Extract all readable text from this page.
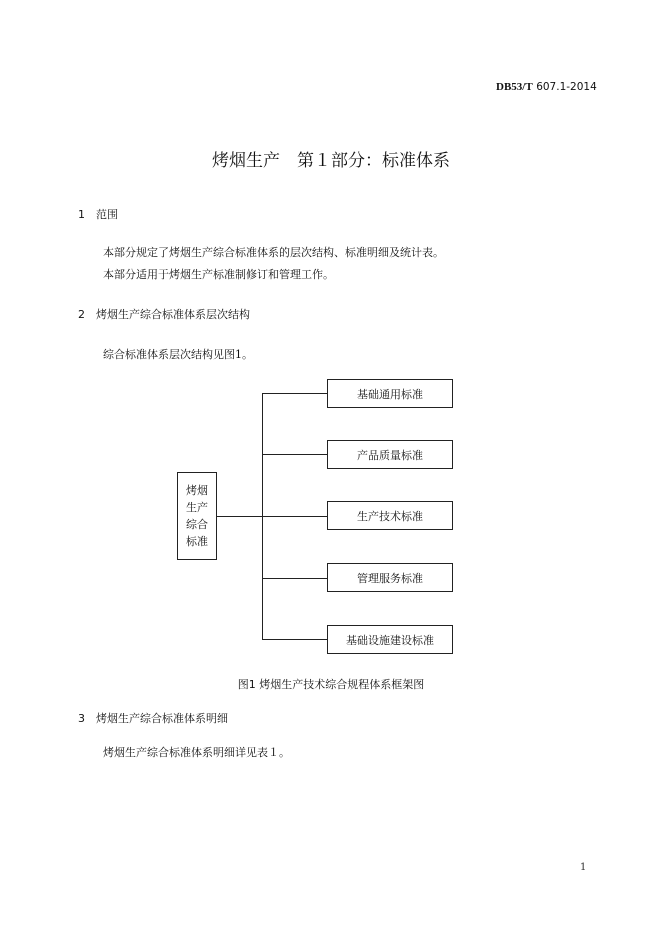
DB53/T 607.1-2014
烤烟生产　第１部分：标准体系
1 范围
本部分规定了烤烟生产综合标准体系的层次结构、标准明细及统计表。
本部分适用于烤烟生产标准制修订和管理工作。
2 烤烟生产综合标准体系层次结构
综合标准体系层次结构见图1。
烤烟
生产
综合
标准
基础通用标准
产品质量标准
生产技术标准
管理服务标准
基础设施建设标准
图1 烤烟生产技术综合规程体系框架图
3 烤烟生产综合标准体系明细
烤烟生产综合标准体系明细详见表１。
1
